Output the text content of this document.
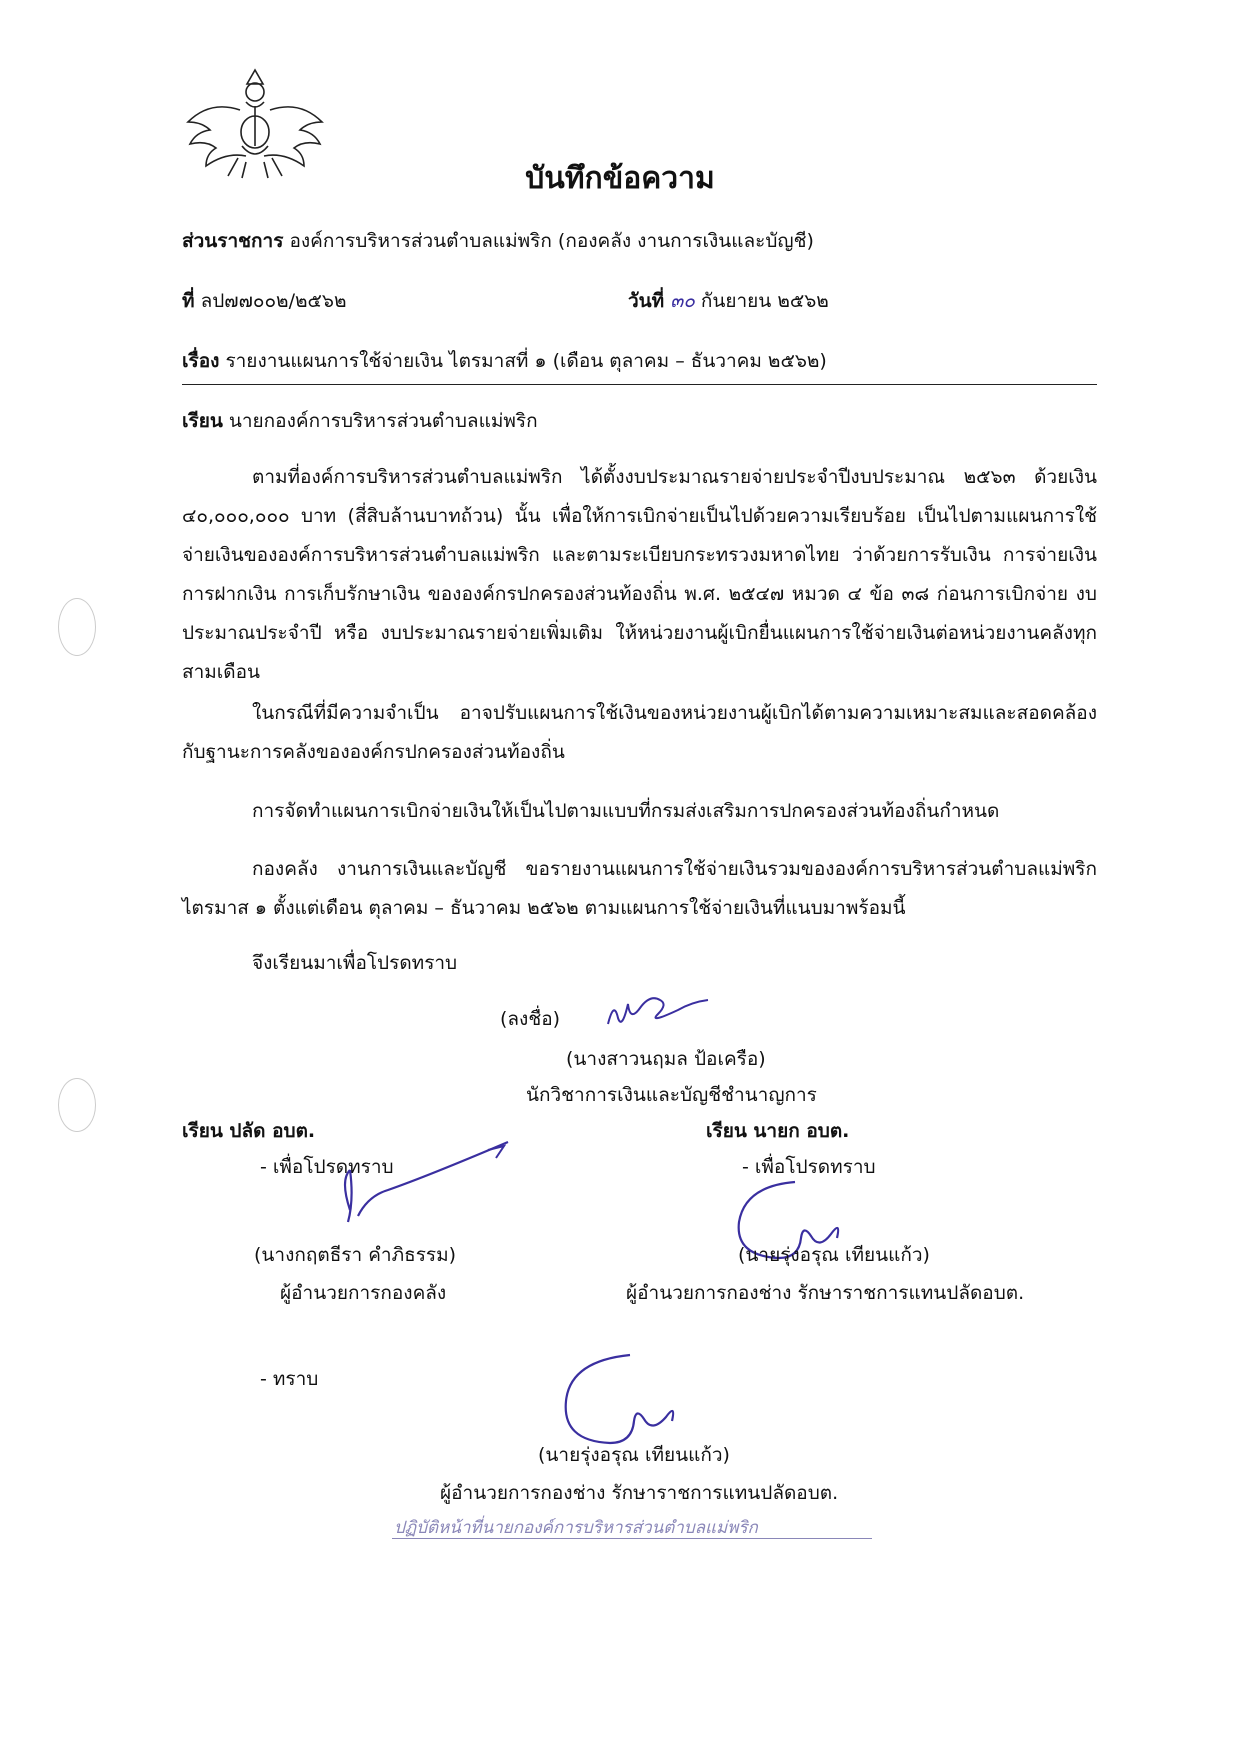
บันทึกข้อความ
ส่วนราชการ องค์การบริหารส่วนตำบลแม่พริก (กองคลัง งานการเงินและบัญชี)
ที่ ลป๗๗๐๐๒/๒๕๖๒	วันที่ ๓๐ กันยายน ๒๕๖๒
เรื่อง รายงานแผนการใช้จ่ายเงิน ไตรมาสที่ ๑ (เดือน ตุลาคม – ธันวาคม ๒๕๖๒)
เรียน นายกองค์การบริหารส่วนตำบลแม่พริก
ตามที่องค์การบริหารส่วนตำบลแม่พริก ได้ตั้งงบประมาณรายจ่ายประจำปีงบประมาณ ๒๕๖๓ ด้วยเงิน ๔๐,๐๐๐,๐๐๐ บาท (สี่สิบล้านบาทถ้วน) นั้น เพื่อให้การเบิกจ่ายเป็นไปด้วยความเรียบร้อย เป็นไปตามแผนการใช้จ่ายเงินขององค์การบริหารส่วนตำบลแม่พริก และตามระเบียบกระทรวงมหาดไทย ว่าด้วยการรับเงิน การจ่ายเงิน การฝากเงิน การเก็บรักษาเงิน ขององค์กรปกครองส่วนท้องถิ่น พ.ศ. ๒๕๔๗ หมวด ๔ ข้อ ๓๘ ก่อนการเบิกจ่าย งบประมาณประจำปี หรือ งบประมาณรายจ่ายเพิ่มเติม ให้หน่วยงานผู้เบิกยื่นแผนการใช้จ่ายเงินต่อหน่วยงานคลังทุกสามเดือน
ในกรณีที่มีความจำเป็น อาจปรับแผนการใช้เงินของหน่วยงานผู้เบิกได้ตามความเหมาะสมและสอดคล้องกับฐานะการคลังขององค์กรปกครองส่วนท้องถิ่น
การจัดทำแผนการเบิกจ่ายเงินให้เป็นไปตามแบบที่กรมส่งเสริมการปกครองส่วนท้องถิ่นกำหนด
กองคลัง งานการเงินและบัญชี ขอรายงานแผนการใช้จ่ายเงินรวมขององค์การบริหารส่วนตำบลแม่พริก ไตรมาส ๑ ตั้งแต่เดือน ตุลาคม – ธันวาคม ๒๕๖๒ ตามแผนการใช้จ่ายเงินที่แนบมาพร้อมนี้
จึงเรียนมาเพื่อโปรดทราบ
(ลงชื่อ)
(นางสาวนฤมล ป้อเครือ)
นักวิชาการเงินและบัญชีชำนาญการ
เรียน ปลัด อบต.
- เพื่อโปรดทราบ
(นางกฤตธีรา คำภิธรรม)
ผู้อำนวยการกองคลัง
เรียน นายก อบต.
- เพื่อโปรดทราบ
(นายรุ่งอรุณ เทียนแก้ว)
ผู้อำนวยการกองช่าง รักษาราชการแทนปลัดอบต.
- ทราบ
(นายรุ่งอรุณ เทียนแก้ว)
ผู้อำนวยการกองช่าง รักษาราชการแทนปลัดอบต.
ปฏิบัติหน้าที่นายกองค์การบริหารส่วนตำบลแม่พริก
